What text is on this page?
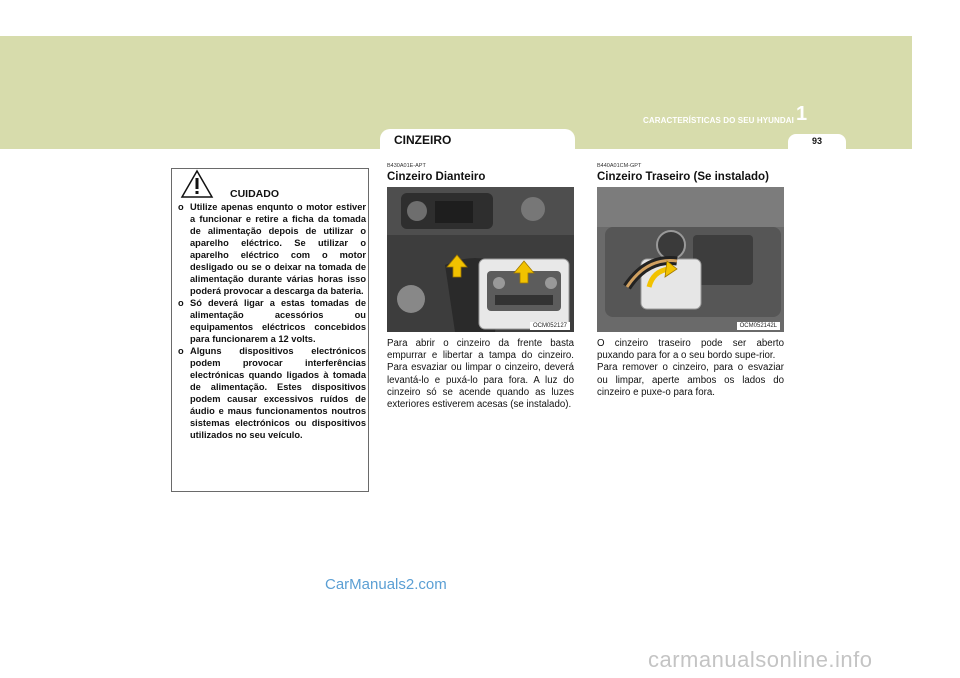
1
CARACTERÍSTICAS DO SEU HYUNDAI
CINZEIRO	93
CUIDADO
o Utilize apenas enqunto o motor estiver a funcionar e retire a ficha da tomada de alimentação depois de utilizar o aparelho eléctrico. Se utilizar o aparelho eléctrico com o motor desligado ou se o deixar na tomada de alimentação durante várias horas isso poderá provocar a descarga da bateria.
o Só deverá ligar a estas tomadas de alimentação acessórios ou equipamentos eléctricos concebidos para funcionarem a 12 volts.
o Alguns dispositivos electrónicos podem provocar interferências electrónicas quando ligados à tomada de alimentação. Estes dispositivos podem causar excessivos ruídos de áudio e maus funcionamentos noutros sistemas electrónicos ou dispositivos utilizados no seu veículo.
B430A01E-APT
Cinzeiro Dianteiro
OCM052127

Para abrir o cinzeiro da frente basta empurrar e libertar a tampa do cinzeiro. Para esvaziar ou limpar o cinzeiro, deverá levantá-lo e puxá-lo para fora. A luz do cinzeiro só se acende quando as luzes exteriores estiverem acesas (se instalado).

B440A01CM-GPT
Cinzeiro Traseiro (Se instalado)
OCM052142L

O cinzeiro traseiro pode ser aberto puxando para for a o seu bordo supe-rior.

Para remover o cinzeiro, para o esvaziar ou limpar, aperte ambos os lados do cinzeiro e puxe-o para fora.

CarManuals2.com
carmanualsonline.info
